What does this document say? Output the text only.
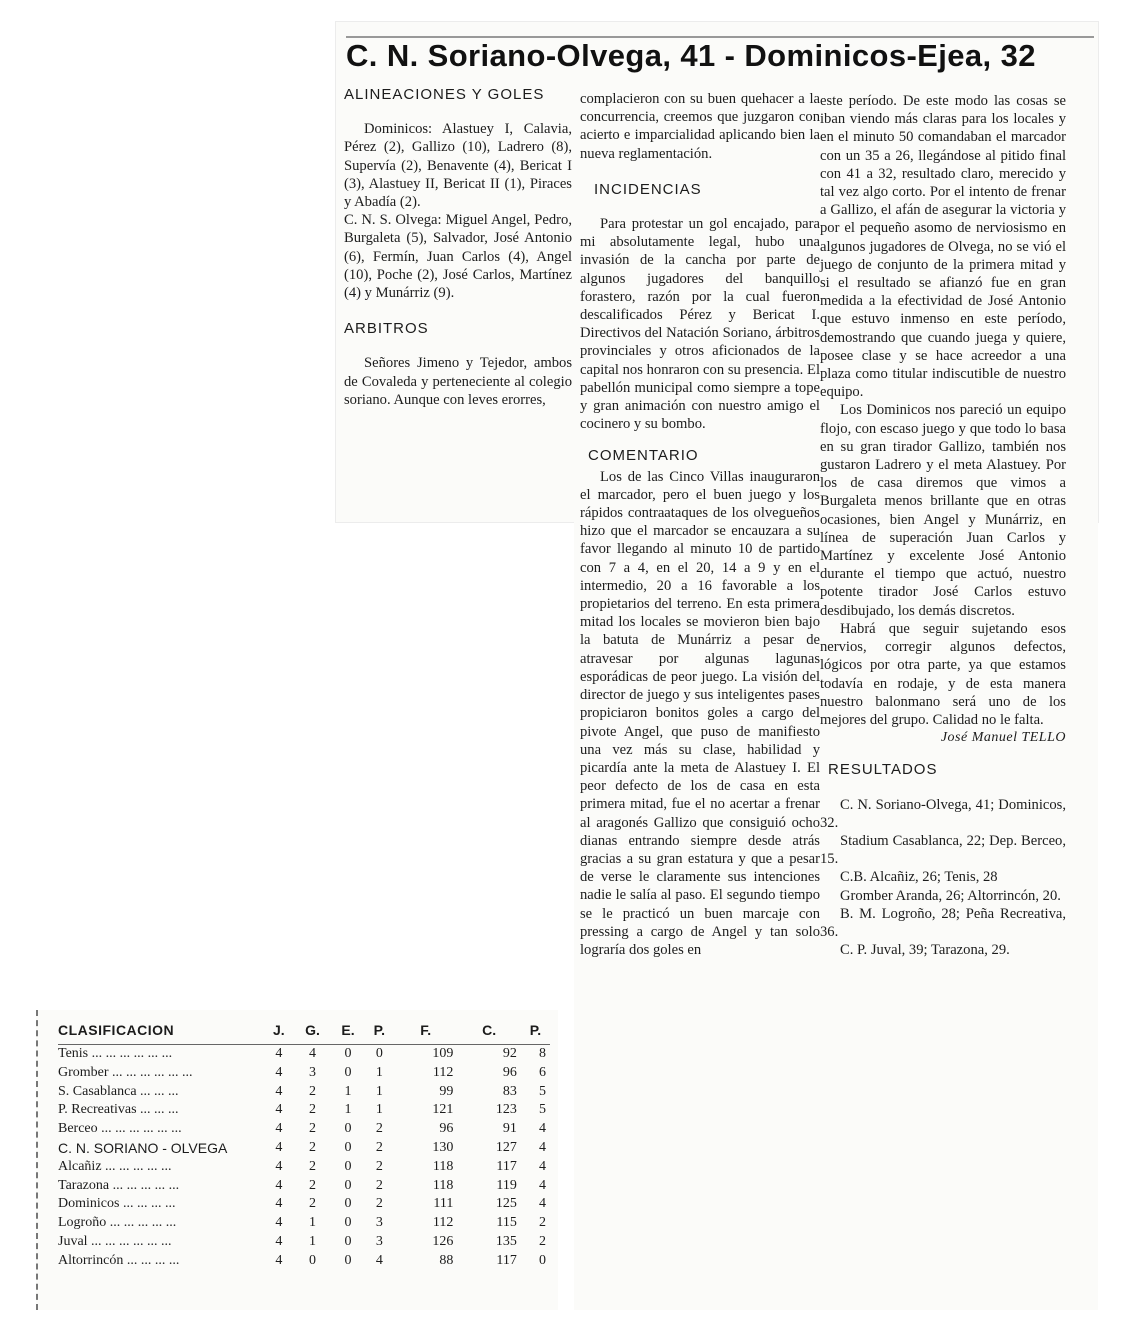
C. N. Soriano-Olvega, 41 - Dominicos-Ejea, 32

ALINEACIONES Y GOLES

Dominicos: Alastuey I, Calavia, Pérez (2), Gallizo (10), Ladrero (8), Supervía (2), Benavente (4), Bericat I (3), Alastuey II, Bericat II (1), Piraces y Abadía (2).

C. N. S. Olvega: Miguel Angel, Pedro, Burgaleta (5), Salvador, José Antonio (6), Fermín, Juan Carlos (4), Angel (10), Poche (2), José Carlos, Martínez (4) y Munárriz (9).

ARBITROS

Señores Jimeno y Tejedor, ambos de Covaleda y perteneciente al colegio soriano. Aunque con leves erorres,

complacieron con su buen quehacer a la concurrencia, creemos que juzgaron con acierto e imparcialidad aplicando bien la nueva reglamentación.

INCIDENCIAS

Para protestar un gol encajado, para mi absolutamente legal, hubo una invasión de la cancha por parte de algunos jugadores del banquillo forastero, razón por la cual fueron descalificados Pérez y Bericat I. Directivos del Natación Soriano, árbitros provinciales y otros aficionados de la capital nos honraron con su presencia. El pabellón municipal como siempre a tope y gran animación con nuestro amigo el cocinero y su bombo.

COMENTARIO

Los de las Cinco Villas inauguraron el marcador, pero el buen juego y los rápidos contraataques de los olvegueños hizo que el marcador se encauzara a su favor llegando al minuto 10 de partido con 7 a 4, en el 20, 14 a 9 y en el intermedio, 20 a 16 favorable a los propietarios del terreno. En esta primera mitad los locales se movieron bien bajo la batuta de Munárriz a pesar de atravesar por algunas lagunas esporádicas de peor juego. La visión del director de juego y sus inteligentes pases propiciaron bonitos goles a cargo del pivote Angel, que puso de manifiesto una vez más su clase, habilidad y picardía ante la meta de Alastuey I. El peor defecto de los de casa en esta primera mitad, fue el no acertar a frenar al aragonés Gallizo que consiguió ocho dianas entrando siempre desde atrás gracias a su gran estatura y que a pesar de verse le claramente sus intenciones nadie le salía al paso. El segundo tiempo se le practicó un buen marcaje con pressing a cargo de Angel y tan solo lograría dos goles en

este período. De este modo las cosas se iban viendo más claras para los locales y en el minuto 50 comandaban el marcador con un 35 a 26, llegándose al pitido final con 41 a 32, resultado claro, merecido y tal vez algo corto. Por el intento de frenar a Gallizo, el afán de asegurar la victoria y por el pequeño asomo de nerviosismo en algunos jugadores de Olvega, no se vió el juego de conjunto de la primera mitad y si el resultado se afianzó fue en gran medida a la efectividad de José Antonio que estuvo inmenso en este período, demostrando que cuando juega y quiere, posee clase y se hace acreedor a una plaza como titular indiscutible de nuestro equipo.

Los Dominicos nos pareció un equipo flojo, con escaso juego y que todo lo basa en su gran tirador Gallizo, también nos gustaron Ladrero y el meta Alastuey. Por los de casa diremos que vimos a Burgaleta menos brillante que en otras ocasiones, bien Angel y Munárriz, en línea de superación Juan Carlos y Martínez y excelente José Antonio durante el tiempo que actuó, nuestro potente tirador José Carlos estuvo desdibujado, los demás discretos.

Habrá que seguir sujetando esos nervios, corregir algunos defectos, lógicos por otra parte, ya que estamos todavía en rodaje, y de esta manera nuestro balonmano será uno de los mejores del grupo. Calidad no le falta.

José Manuel TELLO

RESULTADOS

C. N. Soriano-Olvega, 41; Dominicos, 32.

Stadium Casablanca, 22; Dep. Berceo, 15.

C.B. Alcañiz, 26; Tenis, 28

Gromber Aranda, 26; Altorrincón, 20.

B. M. Logroño, 28; Peña Recreativa, 36.

C. P. Juval, 39; Tarazona, 29.

CLASIFICACION	J.	G.	E.	P.	F.	C.	P.
Tenis ... ... ... ... ... ...	4	4	0	0	109	92	8
Gromber ... ... ... ... ... ...	4	3	0	1	112	96	6
S. Casablanca ... ... ...	4	2	1	1	99	83	5
P. Recreativas ... ... ...	4	2	1	1	121	123	5
Berceo ... ... ... ... ... ...	4	2	0	2	96	91	4
C. N. SORIANO - OLVEGA	4	2	0	2	130	127	4
Alcañiz ... ... ... ... ...	4	2	0	2	118	117	4
Tarazona ... ... ... ... ...	4	2	0	2	118	119	4
Dominicos ... ... ... ...	4	2	0	2	111	125	4
Logroño ... ... ... ... ...	4	1	0	3	112	115	2
Juval ... ... ... ... ... ...	4	1	0	3	126	135	2
Altorrincón ... ... ... ...	4	0	0	4	88	117	0
